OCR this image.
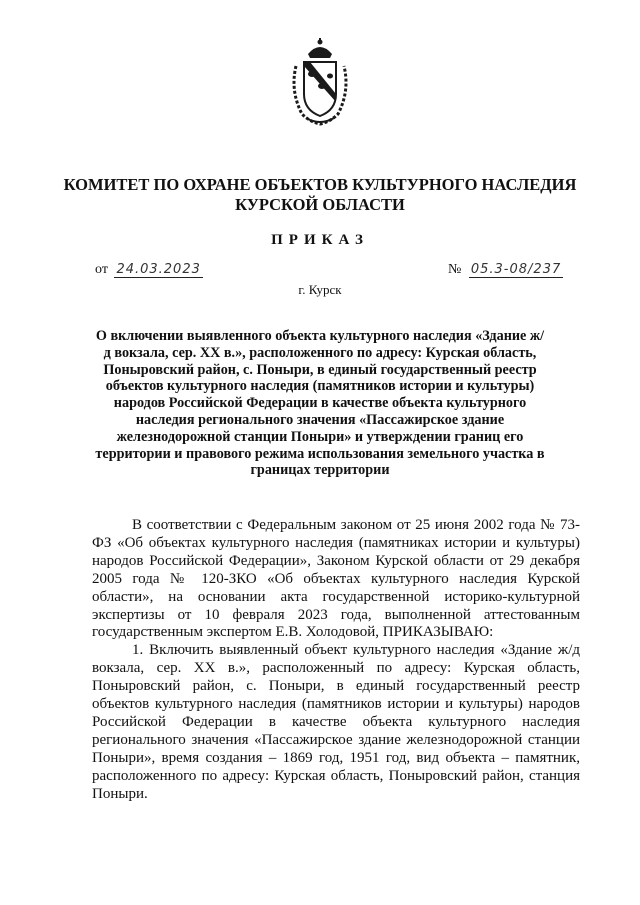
КОМИТЕТ ПО ОХРАНЕ ОБЪЕКТОВ КУЛЬТУРНОГО НАСЛЕДИЯ КУРСКОЙ ОБЛАСТИ
ПРИКАЗ
от 24.03.2023	№ 05.3-08/237
г. Курск
О включении выявленного объекта культурного наследия «Здание ж/д вокзала, сер. XX в.», расположенного по адресу: Курская область, Поныровский район, с. Поныри, в единый государственный реестр объектов культурного наследия (памятников истории и культуры) народов Российской Федерации в качестве объекта культурного наследия регионального значения «Пассажирское здание железнодорожной станции Поныри» и утверждении границ его территории и правового режима использования земельного участка в границах территории

В соответствии с Федеральным законом от 25 июня 2002 года № 73-ФЗ «Об объектах культурного наследия (памятниках истории и культуры) народов Российской Федерации», Законом Курской области от 29 декабря 2005 года № 120-ЗКО «Об объектах культурного наследия Курской области», на основании акта государственной историко-культурной экспертизы от 10 февраля 2023 года, выполненной аттестованным государственным экспертом Е.В. Холодовой, ПРИКАЗЫВАЮ:

1. Включить выявленный объект культурного наследия «Здание ж/д вокзала, сер. XX в.», расположенный по адресу: Курская область, Поныровский район, с. Поныри, в единый государственный реестр объектов культурного наследия (памятников истории и культуры) народов Российской Федерации в качестве объекта культурного наследия регионального значения «Пассажирское здание железнодорожной станции Поныри», время создания – 1869 год, 1951 год, вид объекта – памятник, расположенного по адресу: Курская область, Поныровский район, станция Поныри.
